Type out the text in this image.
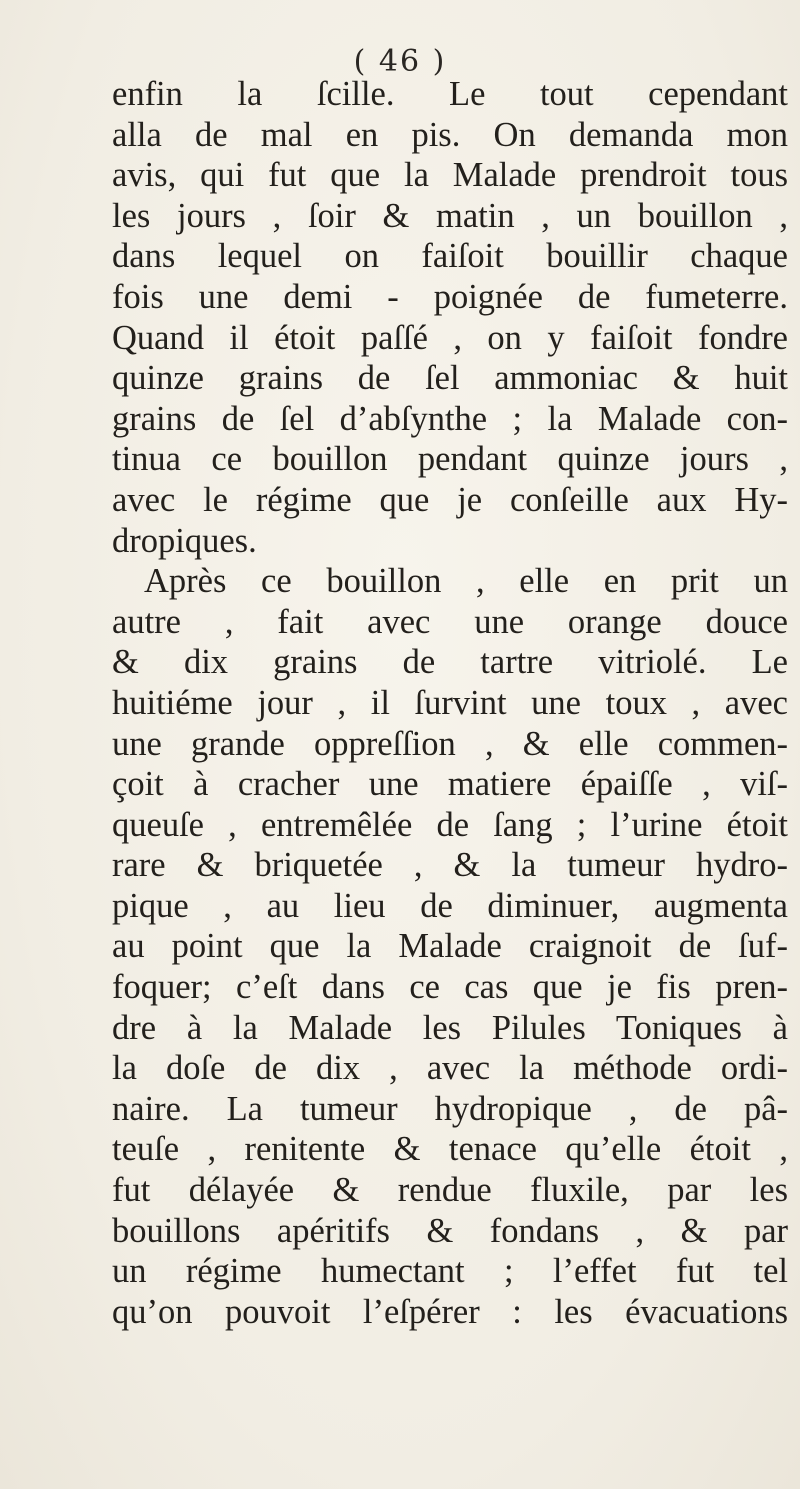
( 46 )
enfin la ſcille. Le tout cependant
alla de mal en pis. On demanda mon
avis, qui fut que la Malade prendroit tous
les jours , ſoir & matin , un bouillon ,
dans lequel on faiſoit bouillir chaque
fois une demi - poignée de fumeterre.
Quand il étoit paſſé , on y faiſoit fondre
quinze grains de ſel ammoniac & huit
grains de ſel d’abſynthe ; la Malade con-
tinua ce bouillon pendant quinze jours ,
avec le régime que je conſeille aux Hy-
dropiques.
Après ce bouillon , elle en prit un
autre , fait avec une orange douce
& dix grains de tartre vitriolé. Le
huitiéme jour , il ſurvint une toux , avec
une grande oppreſſion , & elle commen-
çoit à cracher une matiere épaiſſe , viſ-
queuſe , entremêlée de ſang ; l’urine étoit
rare & briquetée , & la tumeur hydro-
pique , au lieu de diminuer, augmenta
au point que la Malade craignoit de ſuf-
foquer; c’eſt dans ce cas que je fis pren-
dre à la Malade les Pilules Toniques à
la doſe de dix , avec la méthode ordi-
naire. La tumeur hydropique , de pâ-
teuſe , renitente & tenace qu’elle étoit ,
fut délayée & rendue fluxile, par les
bouillons apéritifs & fondans , & par
un régime humectant ; l’effet fut tel
qu’on pouvoit l’eſpérer : les évacuations
